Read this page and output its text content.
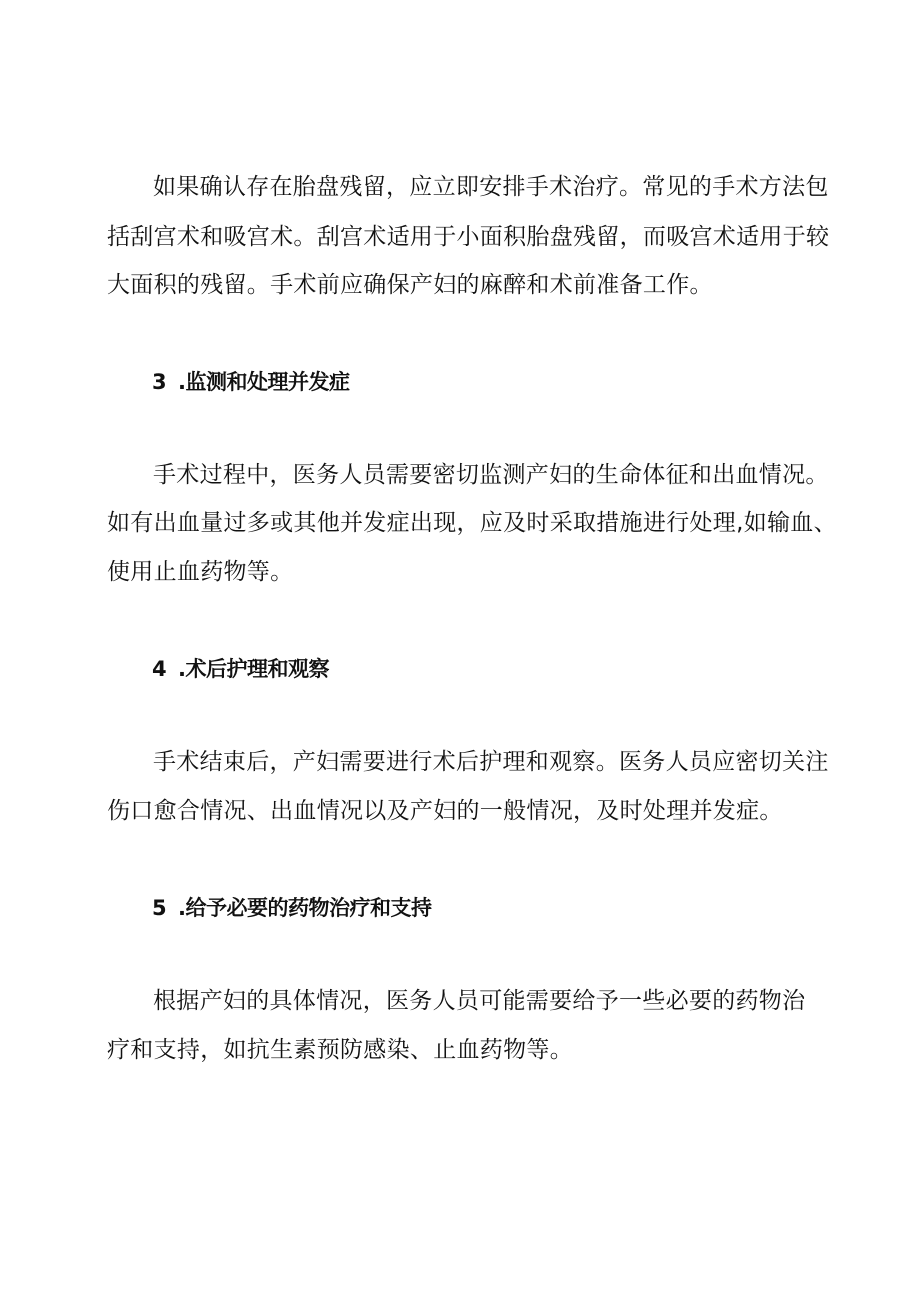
如果确认存在胎盘残留，应立即安排手术治疗。常见的手术方法包
括刮宫术和吸宫术。刮宫术适用于小面积胎盘残留，而吸宫术适用于较
大面积的残留。手术前应确保产妇的麻醉和术前准备工作。
3 .监测和处理并发症
手术过程中，医务人员需要密切监测产妇的生命体征和出血情况。
如有出血量过多或其他并发症出现，应及时采取措施进行处理,如输血、
使用止血药物等。
4 .术后护理和观察
手术结束后，产妇需要进行术后护理和观察。医务人员应密切关注
伤口愈合情况、出血情况以及产妇的一般情况，及时处理并发症。
5 .给予必要的药物治疗和支持
根据产妇的具体情况，医务人员可能需要给予一些必要的药物治
疗和支持，如抗生素预防感染、止血药物等。
